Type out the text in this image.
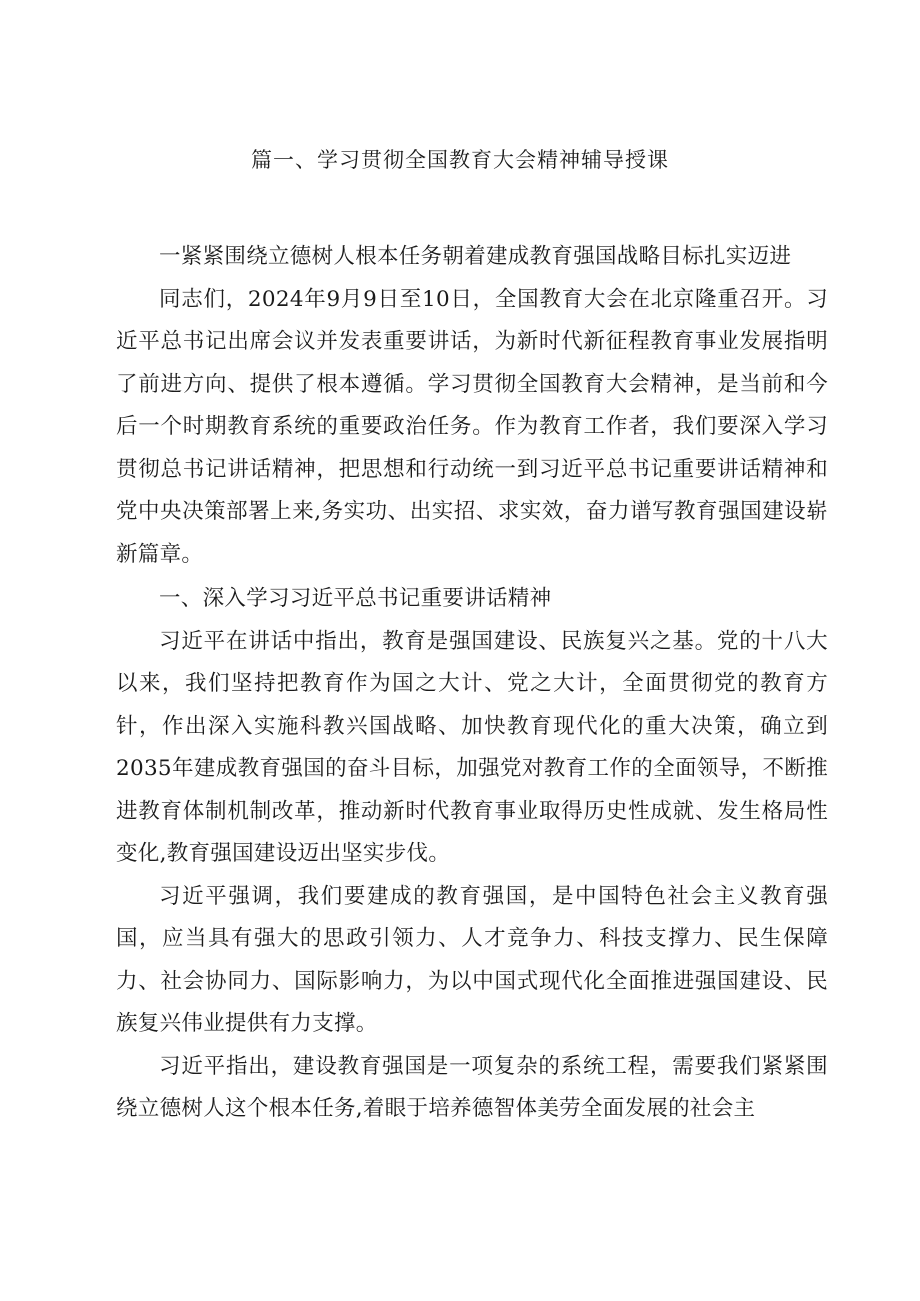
篇一、学习贯彻全国教育大会精神辅导授课

一紧紧围绕立德树人根本任务朝着建成教育强国战略目标扎实迈进

同志们，2024年9月9日至10日，全国教育大会在北京隆重召开。习近平总书记出席会议并发表重要讲话，为新时代新征程教育事业发展指明了前进方向、提供了根本遵循。学习贯彻全国教育大会精神，是当前和今后一个时期教育系统的重要政治任务。作为教育工作者，我们要深入学习贯彻总书记讲话精神，把思想和行动统一到习近平总书记重要讲话精神和党中央决策部署上来,务实功、出实招、求实效，奋力谱写教育强国建设崭新篇章。

一、深入学习习近平总书记重要讲话精神

习近平在讲话中指出，教育是强国建设、民族复兴之基。党的十八大以来，我们坚持把教育作为国之大计、党之大计，全面贯彻党的教育方针，作出深入实施科教兴国战略、加快教育现代化的重大决策，确立到2035年建成教育强国的奋斗目标，加强党对教育工作的全面领导，不断推进教育体制机制改革，推动新时代教育事业取得历史性成就、发生格局性变化,教育强国建设迈出坚实步伐。

习近平强调，我们要建成的教育强国，是中国特色社会主义教育强国，应当具有强大的思政引领力、人才竞争力、科技支撑力、民生保障力、社会协同力、国际影响力，为以中国式现代化全面推进强国建设、民族复兴伟业提供有力支撑。

习近平指出，建设教育强国是一项复杂的系统工程，需要我们紧紧围绕立德树人这个根本任务,着眼于培养德智体美劳全面发展的社会主
